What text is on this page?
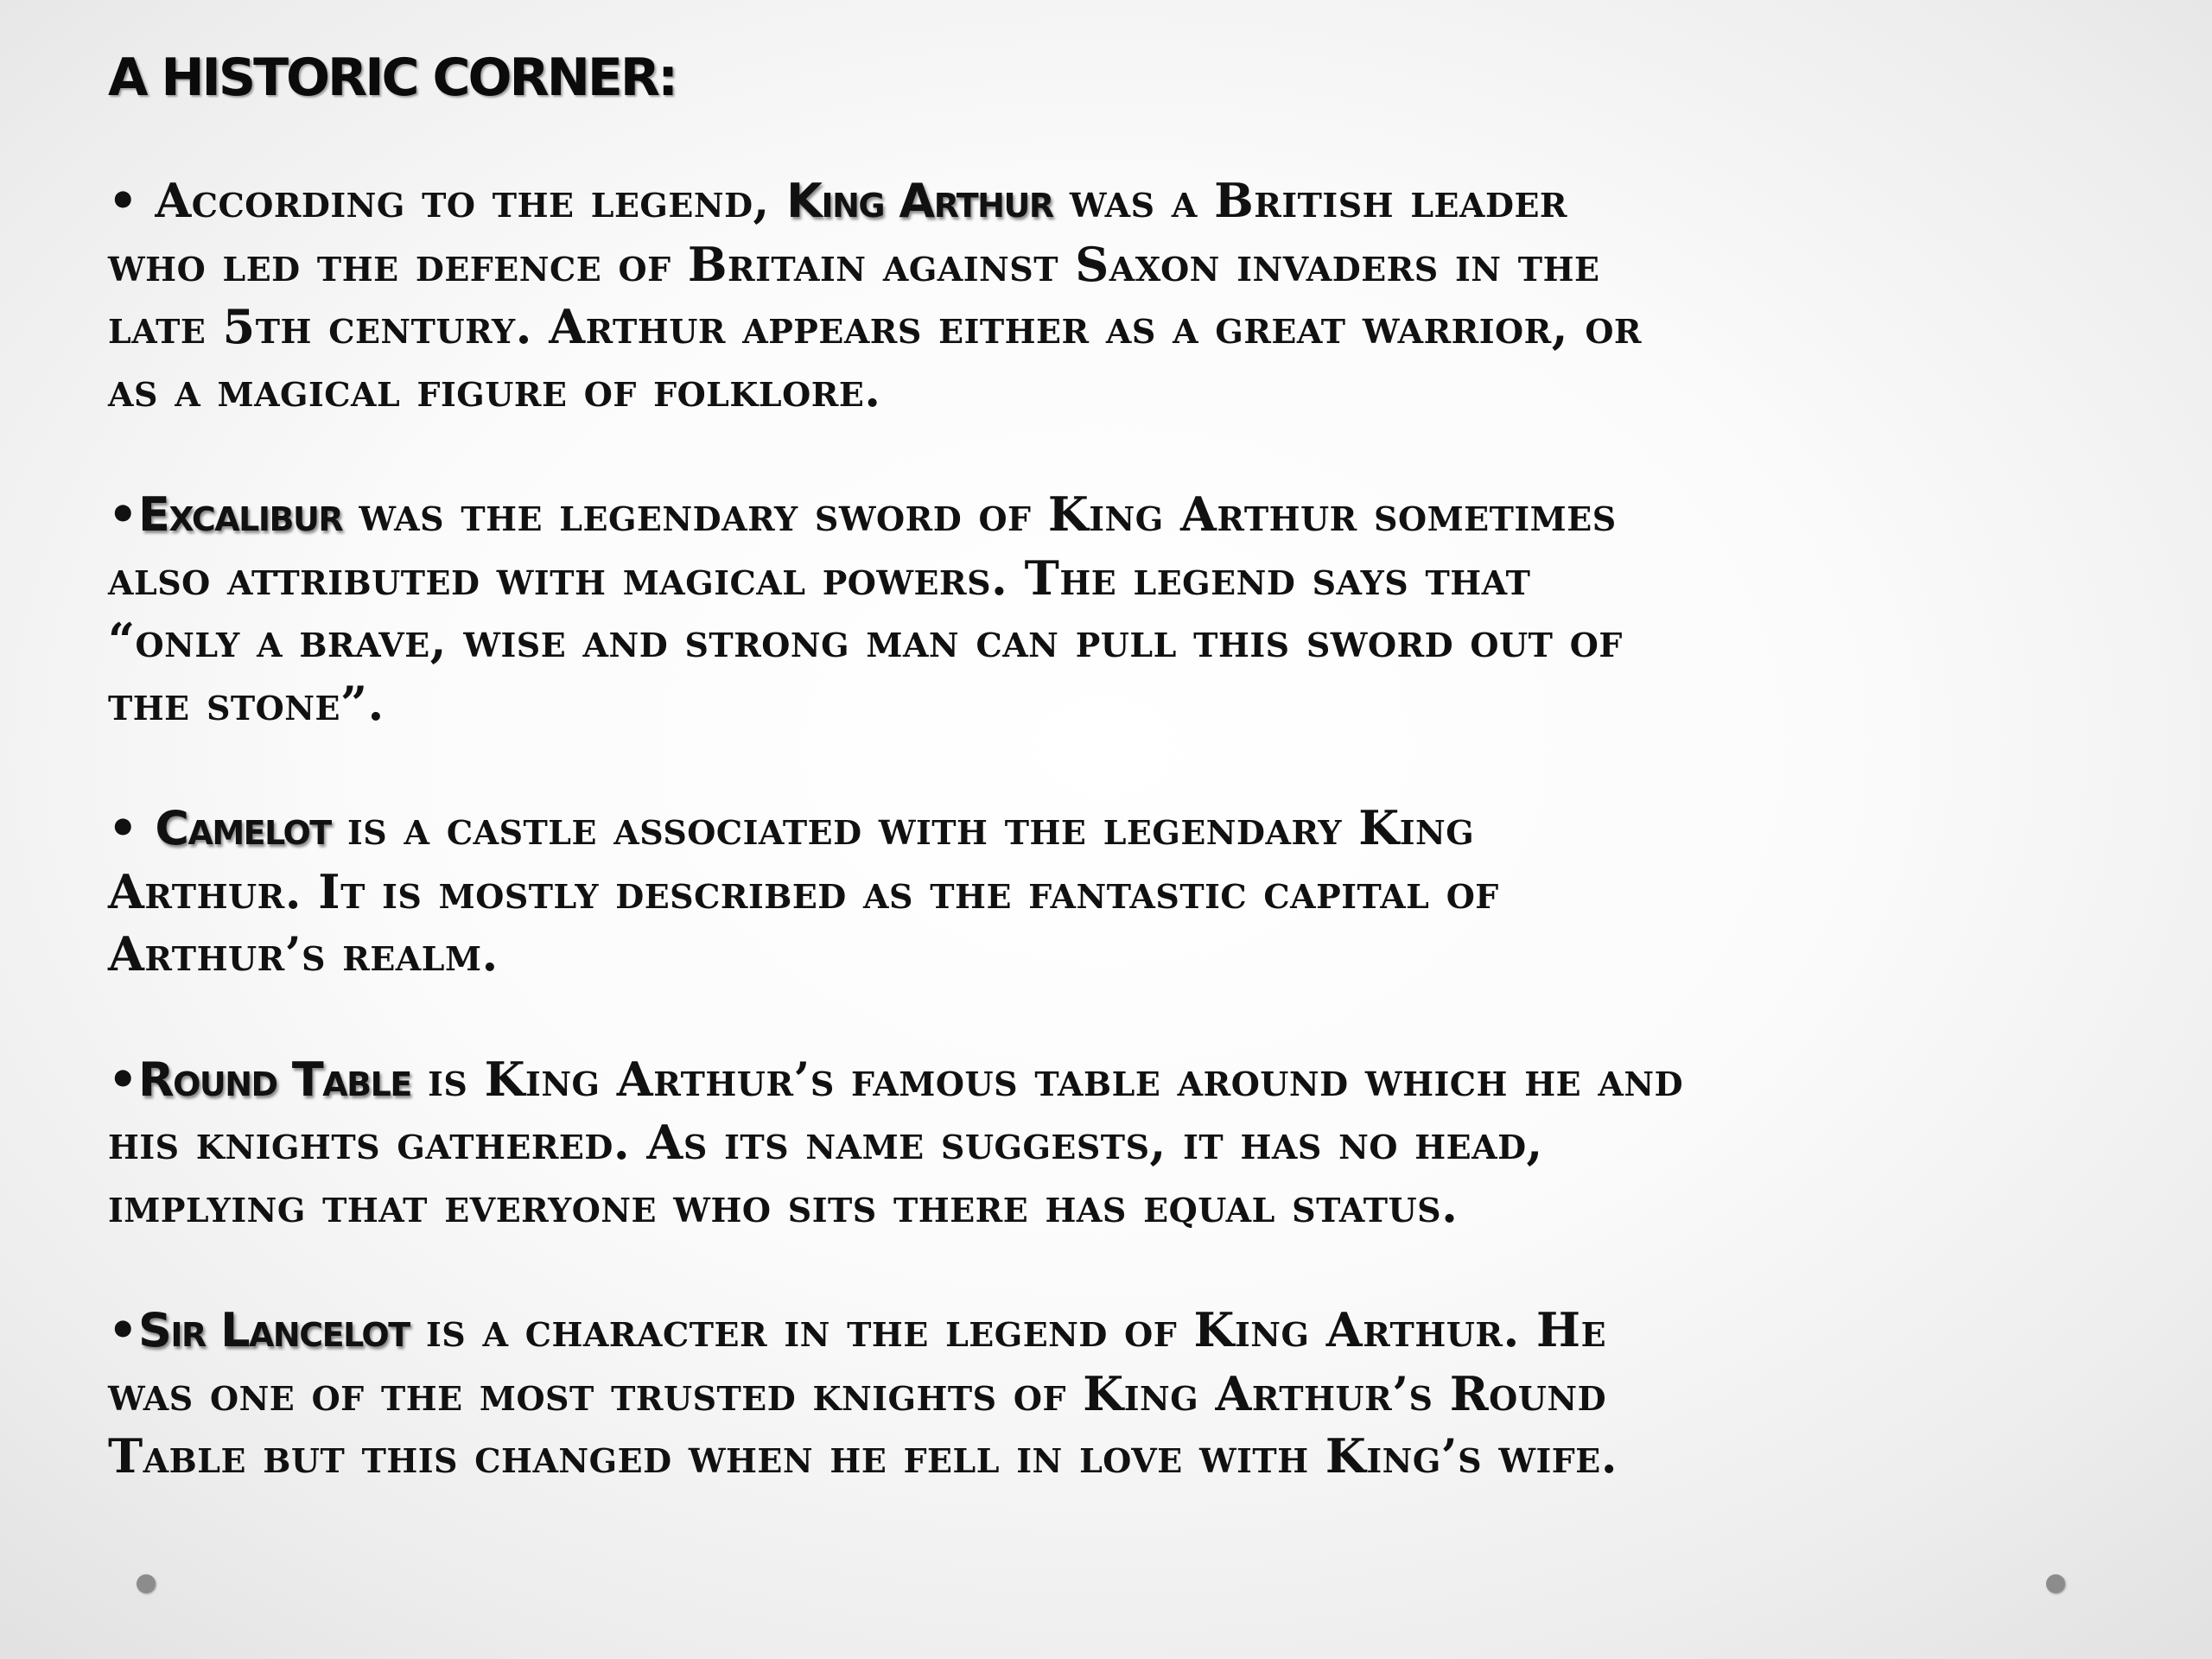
A HISTORIC CORNER:

• According to the legend, King Arthur was a British leader
who led the defence of Britain against Saxon invaders in the
late 5th century. Arthur appears either as a great warrior, or
as a magical figure of folklore.

•Excalibur was the legendary sword of King Arthur sometimes
also attributed with magical powers. The legend says that
“only a brave, wise and strong man can pull this sword out of
the stone”.

• Camelot is a castle associated with the legendary King
Arthur. It is mostly described as the fantastic capital of
Arthur’s realm.

•Round Table is King Arthur’s famous table around which he and
his knights gathered. As its name suggests, it has no head,
implying that everyone who sits there has equal status.

•Sir Lancelot is a character in the legend of King Arthur. He
was one of the most trusted knights of King Arthur’s Round
Table but this changed when he fell in love with King’s wife.
